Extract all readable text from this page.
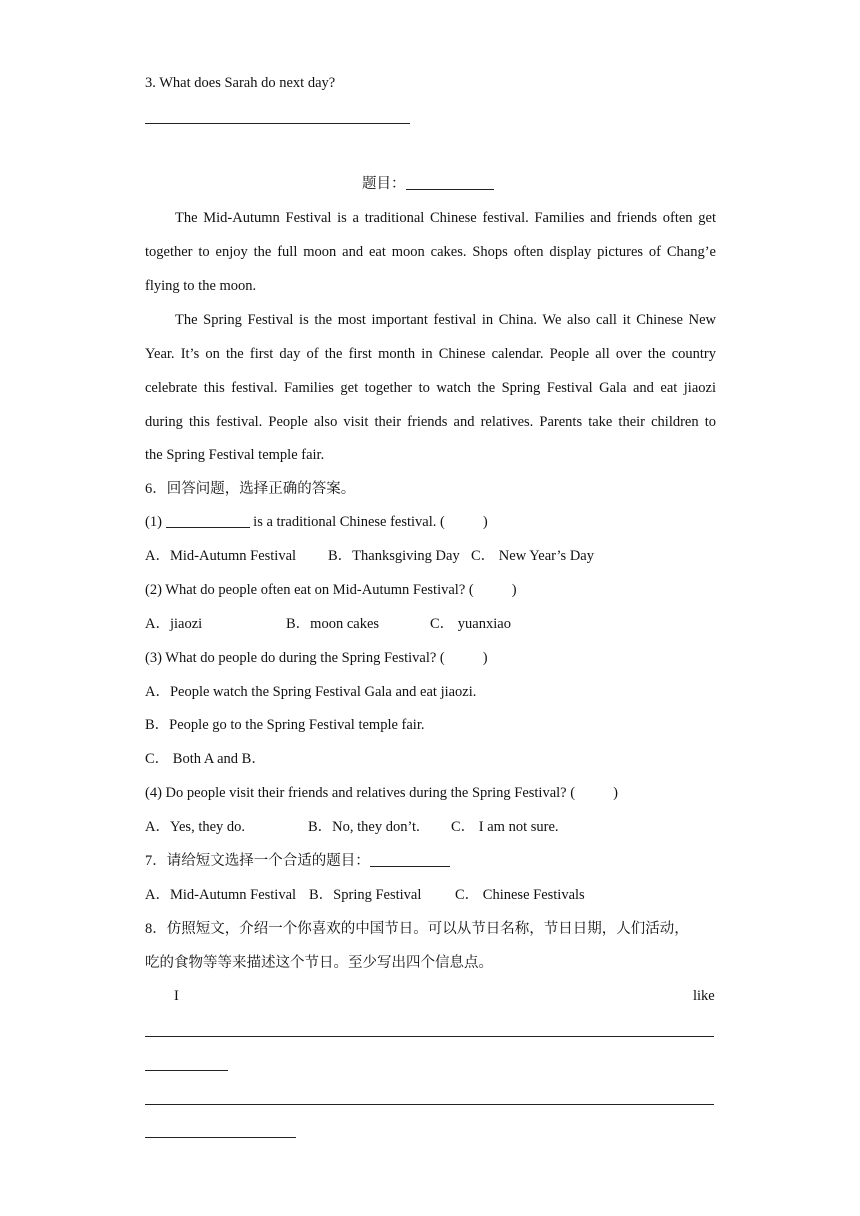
3. What does Sarah do next day?
题目：
The Mid-Autumn Festival is a traditional Chinese festival. Families and friends often get
together to enjoy the full moon and eat moon cakes. Shops often display pictures of Chang’e
flying to the moon.
The Spring Festival is the most important festival in China. We also call it Chinese New
Year. It’s on the first day of the first month in Chinese calendar. People all over the country
celebrate this festival. Families get together to watch the Spring Festival Gala and eat jiaozi
during this festival. People also visit their friends and relatives. Parents take their children to
the Spring Festival temple fair.
6．回答问题，选择正确的答案。
(1)	is a traditional Chinese festival. (	)
A．Mid-Autumn Festival B．Thanksgiving Day C． New Year’s Day
(2) What do people often eat on Mid-Autumn Festival? (	)
A．jiaozi	B．moon cakes	C． yuanxiao
(3) What do people do during the Spring Festival? (	)
A．People watch the Spring Festival Gala and eat jiaozi.
B．People go to the Spring Festival temple fair.
C． Both A and B．
(4) Do people visit their friends and relatives during the Spring Festival? (	)
A．Yes, they do.	B．No, they don’t. C． I am not sure.
7．请给短文选择一个合适的题目：
A．Mid-Autumn Festival B．Spring Festival C． Chinese Festivals
8．仿照短文，介绍一个你喜欢的中国节日。可以从节日名称，节日日期，人们活动，
吃的食物等等来描述这个节日。至少写出四个信息点。
I	like
